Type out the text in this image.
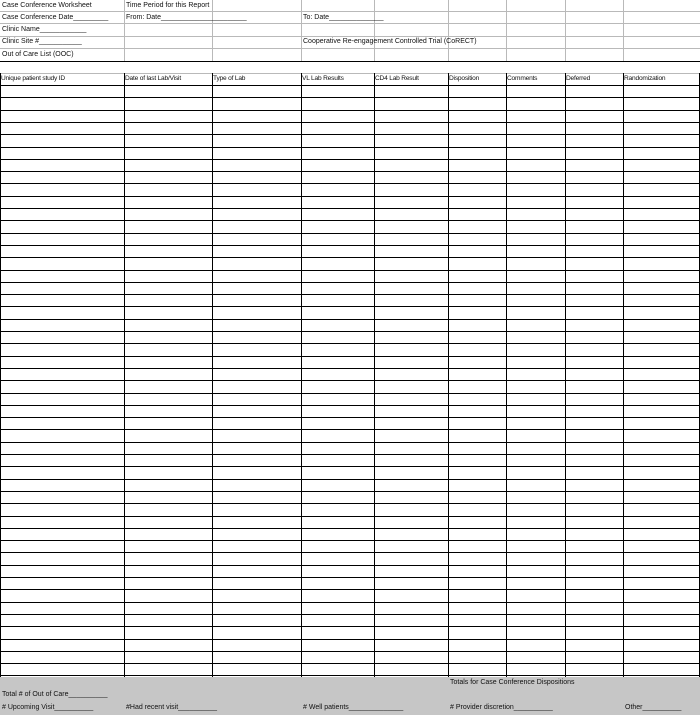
Case Conference Worksheet	Time Period for this Report
Case Conference Date_________	From: Date______________________	To: Date______________
Clinic Name____________
Clinic Site #___________	Cooperative Re-engagement Controlled Trial (CoRECT)
Out of Care List (OOC)
Unique patient study ID	Date of last Lab/Visit	Type of Lab	VL Lab Results	CD4 Lab Result	Disposition	Comments	Deferred	Randomization
Totals for Case Conference Dispositions
Total # of Out of Care__________
# Upcoming Visit__________	#Had recent visit__________	# Well patients______________	# Provider discretion__________	Other__________
